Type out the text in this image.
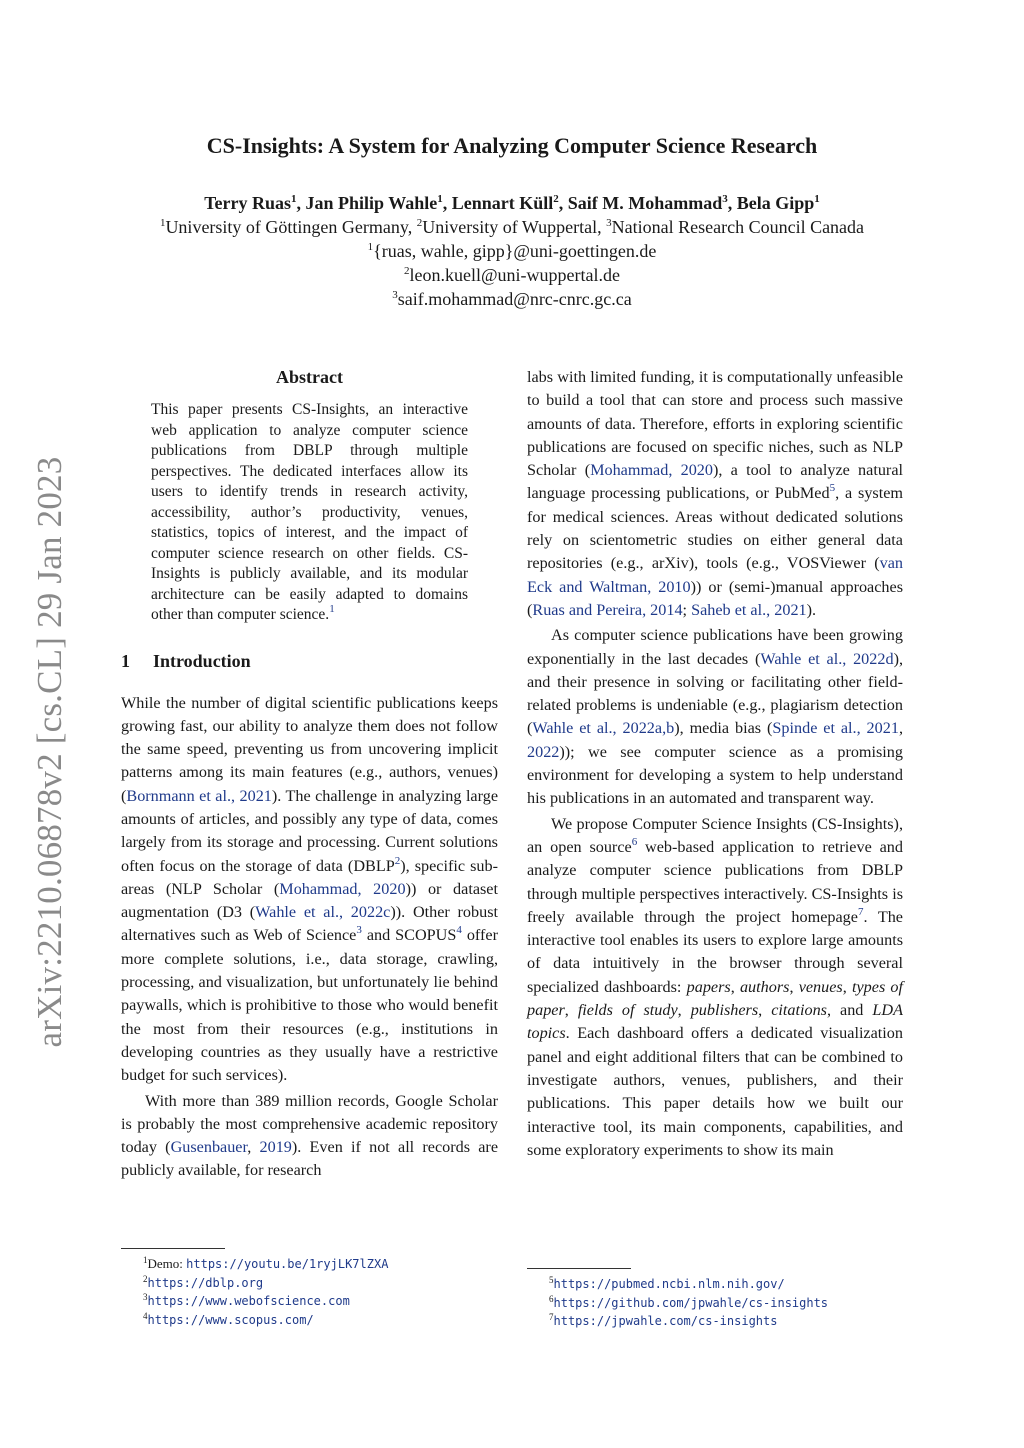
arXiv:2210.06878v2 [cs.CL] 29 Jan 2023
CS-Insights: A System for Analyzing Computer Science Research
Terry Ruas$^1$, Jan Philip Wahle$^1$, Lennart Küll$^2$, Saif M. Mohammad$^3$, Bela Gipp$^1$
$^1$University of Göttingen Germany, $^2$University of Wuppertal, $^3$National Research Council Canada
$^1${ruas, wahle, gipp}@uni-goettingen.de
$^2$leon.kuell@uni-wuppertal.de
$^3$saif.mohammad@nrc-cnrc.gc.ca
Abstract
This paper presents CS-Insights, an interactive web application to analyze computer science publications from DBLP through multiple perspectives. The dedicated interfaces allow its users to identify trends in research activity, accessibility, author’s productivity, venues, statistics, topics of interest, and the impact of computer science research on other fields. CS-Insights is publicly available, and its modular architecture can be easily adapted to domains other than computer science.$^1$
1 Introduction

While the number of digital scientific publications keeps growing fast, our ability to analyze them does not follow the same speed, preventing us from uncovering implicit patterns among its main features (e.g., authors, venues) (Bornmann et al., 2021). The challenge in analyzing large amounts of articles, and possibly any type of data, comes largely from its storage and processing. Current solutions often focus on the storage of data (DBLP$^2$), specific sub-areas (NLP Scholar (Mohammad, 2020)) or dataset augmentation (D3 (Wahle et al., 2022c)). Other robust alternatives such as Web of Science$^3$ and SCOPUS$^4$ offer more complete solutions, i.e., data storage, crawling, processing, and visualization, but unfortunately lie behind paywalls, which is prohibitive to those who would benefit the most from their resources (e.g., institutions in developing countries as they usually have a restrictive budget for such services).

With more than 389 million records, Google Scholar is probably the most comprehensive academic repository today (Gusenbauer, 2019). Even if not all records are publicly available, for research

labs with limited funding, it is computationally unfeasible to build a tool that can store and process such massive amounts of data. Therefore, efforts in exploring scientific publications are focused on specific niches, such as NLP Scholar (Mohammad, 2020), a tool to analyze natural language processing publications, or PubMed$^5$, a system for medical sciences. Areas without dedicated solutions rely on scientometric studies on either general data repositories (e.g., arXiv), tools (e.g., VOSViewer (van Eck and Waltman, 2010)) or (semi-)manual approaches (Ruas and Pereira, 2014; Saheb et al., 2021).

As computer science publications have been growing exponentially in the last decades (Wahle et al., 2022d), and their presence in solving or facilitating other field-related problems is undeniable (e.g., plagiarism detection (Wahle et al., 2022a,b), media bias (Spinde et al., 2021, 2022)); we see computer science as a promising environment for developing a system to help understand his publications in an automated and transparent way.

We propose Computer Science Insights (CS-Insights), an open source$^6$ web-based application to retrieve and analyze computer science publications from DBLP through multiple perspectives interactively. CS-Insights is freely available through the project homepage$^7$. The interactive tool enables its users to explore large amounts of data intuitively in the browser through several specialized dashboards: papers, authors, venues, types of paper, fields of study, publishers, citations, and LDA topics. Each dashboard offers a dedicated visualization panel and eight additional filters that can be combined to investigate authors, venues, publishers, and their publications. This paper details how we built our interactive tool, its main components, capabilities, and some exploratory experiments to show its main

$^1$Demo: https://youtu.be/1ryjLK7lZXA
$^2$https://dblp.org
$^3$https://www.webofscience.com
$^4$https://www.scopus.com/
$^5$https://pubmed.ncbi.nlm.nih.gov/
$^6$https://github.com/jpwahle/cs-insights
$^7$https://jpwahle.com/cs-insights
